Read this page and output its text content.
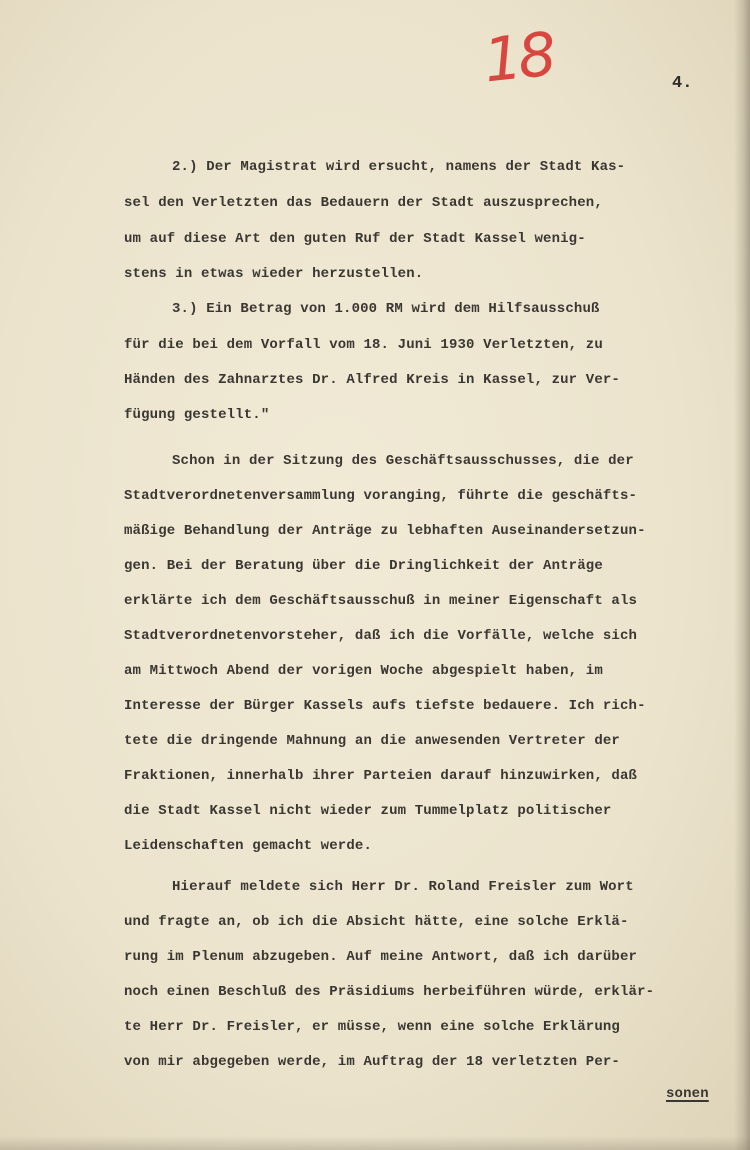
18	4.
2.) Der Magistrat wird ersucht, namens der Stadt Kas-
sel den Verletzten das Bedauern der Stadt auszusprechen,
um auf diese Art den guten Ruf der Stadt Kassel wenig-
stens in etwas wieder herzustellen.
3.) Ein Betrag von 1.000 RM wird dem Hilfsausschuß
für die bei dem Vorfall vom 18. Juni 1930 Verletzten, zu
Händen des Zahnarztes Dr. Alfred Kreis in Kassel, zur Ver-
fügung gestellt."
Schon in der Sitzung des Geschäftsausschusses, die der
Stadtverordnetenversammlung voranging, führte die geschäfts-
mäßige Behandlung der Anträge zu lebhaften Auseinandersetzun-
gen. Bei der Beratung über die Dringlichkeit der Anträge
erklärte ich dem Geschäftsausschuß in meiner Eigenschaft als
Stadtverordnetenvorsteher, daß ich die Vorfälle, welche sich
am Mittwoch Abend der vorigen Woche abgespielt haben, im
Interesse der Bürger Kassels aufs tiefste bedauere. Ich rich-
tete die dringende Mahnung an die anwesenden Vertreter der
Fraktionen, innerhalb ihrer Parteien darauf hinzuwirken, daß
die Stadt Kassel nicht wieder zum Tummelplatz politischer
Leidenschaften gemacht werde.
Hierauf meldete sich Herr Dr. Roland Freisler zum Wort
und fragte an, ob ich die Absicht hätte, eine solche Erklä-
rung im Plenum abzugeben. Auf meine Antwort, daß ich darüber
noch einen Beschluß des Präsidiums herbeiführen würde, erklär-
te Herr Dr. Freisler, er müsse, wenn eine solche Erklärung
von mir abgegeben werde, im Auftrag der 18 verletzten Per-
sonen
